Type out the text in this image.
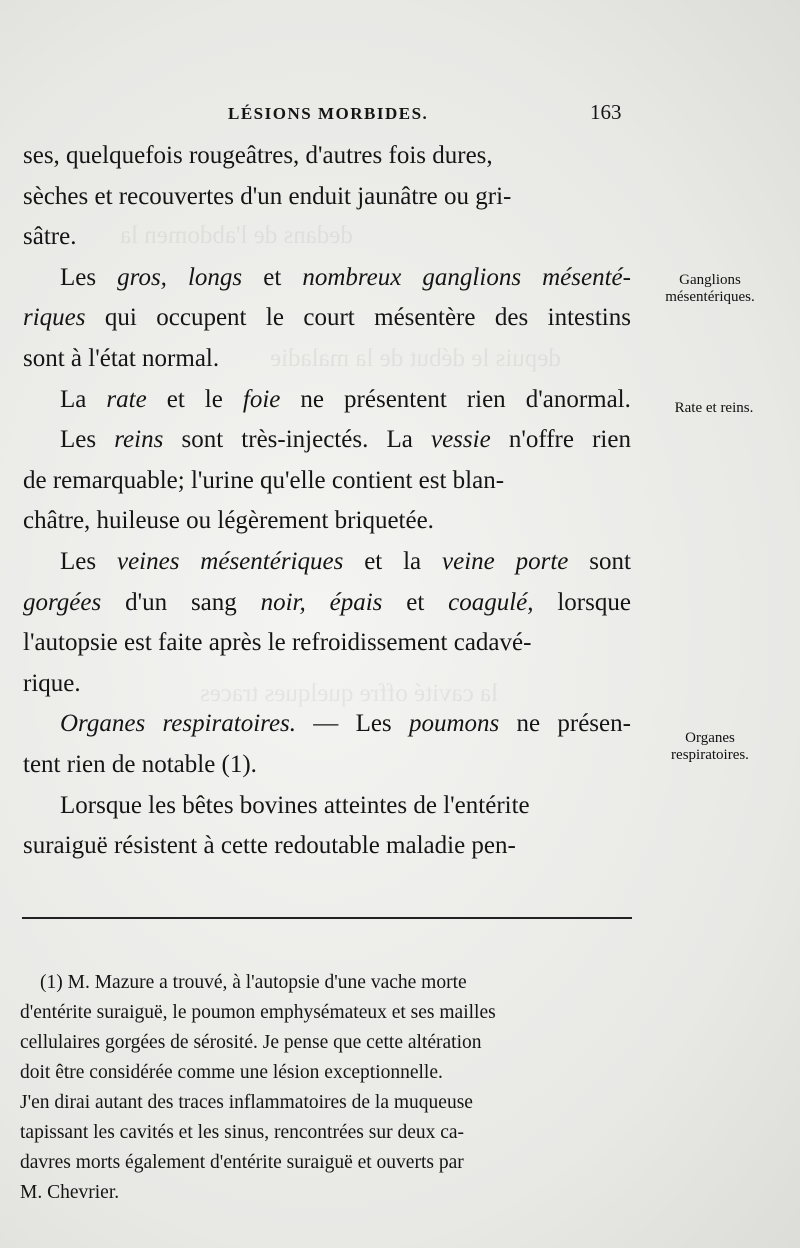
dedans de l'abdomen la
depuis le début de la maladie
la cavité offre quelques traces
LÉSIONS MORBIDES.	163
ses, quelquefois rougeâtres, d'autres fois dures,
sèches et recouvertes d'un enduit jaunâtre ou gri-
sâtre.
Les gros, longs et nombreux ganglions mésenté-
riques qui occupent le court mésentère des intestins
sont à l'état normal.
La rate et le foie ne présentent rien d'anormal.
Les reins sont très-injectés. La vessie n'offre rien
de remarquable; l'urine qu'elle contient est blan-
châtre, huileuse ou légèrement briquetée.
Les veines mésentériques et la veine porte sont
gorgées d'un sang noir, épais et coagulé, lorsque
l'autopsie est faite après le refroidissement cadavé-
rique.
Organes respiratoires. — Les poumons ne présen-
tent rien de notable (1).
Lorsque les bêtes bovines atteintes de l'entérite
suraiguë résistent à cette redoutable maladie pen-
Ganglions
mésentériques.
Rate et reins.
Organes
respiratoires.
(1) M. Mazure a trouvé, à l'autopsie d'une vache morte
d'entérite suraiguë, le poumon emphysémateux et ses mailles
cellulaires gorgées de sérosité. Je pense que cette altération
doit être considérée comme une lésion exceptionnelle.
J'en dirai autant des traces inflammatoires de la muqueuse
tapissant les cavités et les sinus, rencontrées sur deux ca-
davres morts également d'entérite suraiguë et ouverts par
M. Chevrier.
